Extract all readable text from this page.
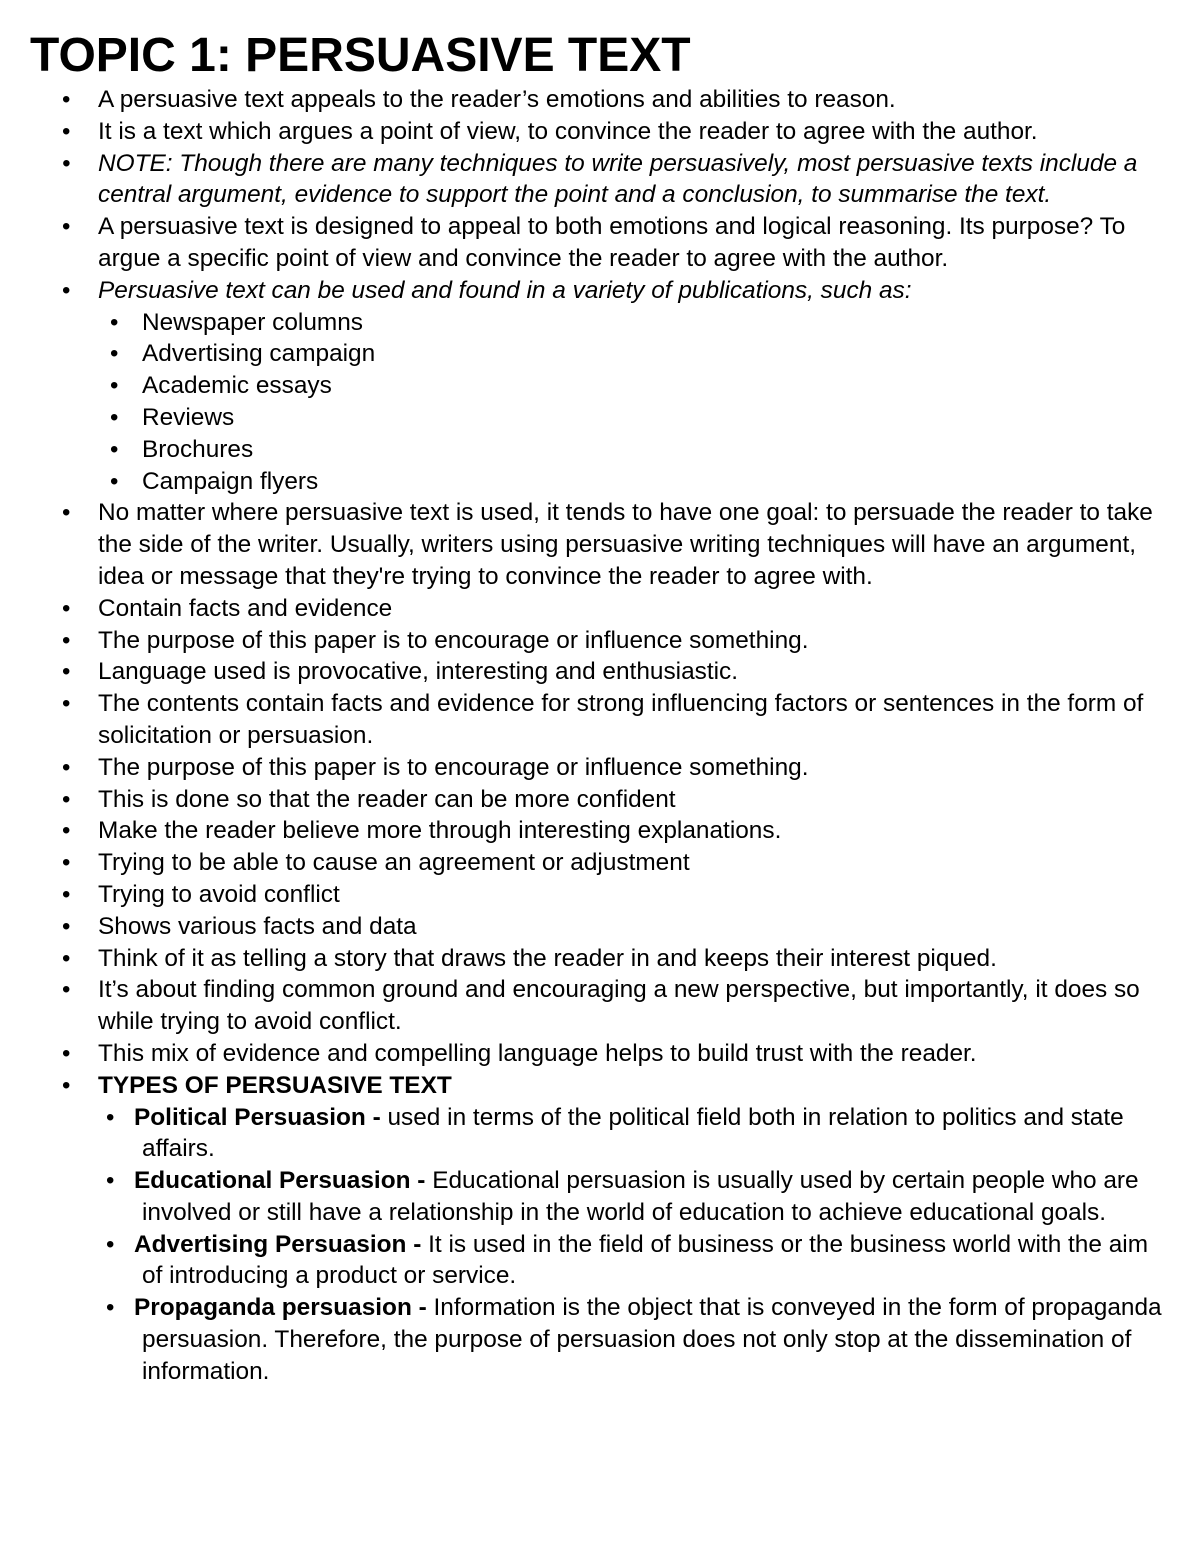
TOPIC 1: PERSUASIVE TEXT
• A persuasive text appeals to the reader’s emotions and abilities to reason.
• It is a text which argues a point of view, to convince the reader to agree with the author.
• NOTE: Though there are many techniques to write persuasively, most persuasive texts include a central argument, evidence to support the point and a conclusion, to summarise the text.
• A persuasive text is designed to appeal to both emotions and logical reasoning. Its purpose? To argue a specific point of view and convince the reader to agree with the author.
• Persuasive text can be used and found in a variety of publications, such as:
• Newspaper columns
• Advertising campaign
• Academic essays
• Reviews
• Brochures
• Campaign flyers
• No matter where persuasive text is used, it tends to have one goal: to persuade the reader to take the side of the writer. Usually, writers using persuasive writing techniques will have an argument, idea or message that they're trying to convince the reader to agree with.
• Contain facts and evidence
• The purpose of this paper is to encourage or influence something.
• Language used is provocative, interesting and enthusiastic.
• The contents contain facts and evidence for strong influencing factors or sentences in the form of solicitation or persuasion.
• The purpose of this paper is to encourage or influence something.
• This is done so that the reader can be more confident
• Make the reader believe more through interesting explanations.
• Trying to be able to cause an agreement or adjustment
• Trying to avoid conflict
• Shows various facts and data
• Think of it as telling a story that draws the reader in and keeps their interest piqued.
• It’s about finding common ground and encouraging a new perspective, but importantly, it does so while trying to avoid conflict.
• This mix of evidence and compelling language helps to build trust with the reader.
• TYPES OF PERSUASIVE TEXT
• Political Persuasion - used in terms of the political field both in relation to politics and state affairs.
• Educational Persuasion - Educational persuasion is usually used by certain people who are involved or still have a relationship in the world of education to achieve educational goals.
• Advertising Persuasion - It is used in the field of business or the business world with the aim of introducing a product or service.
• Propaganda persuasion - Information is the object that is conveyed in the form of propaganda persuasion. Therefore, the purpose of persuasion does not only stop at the dissemination of information.
